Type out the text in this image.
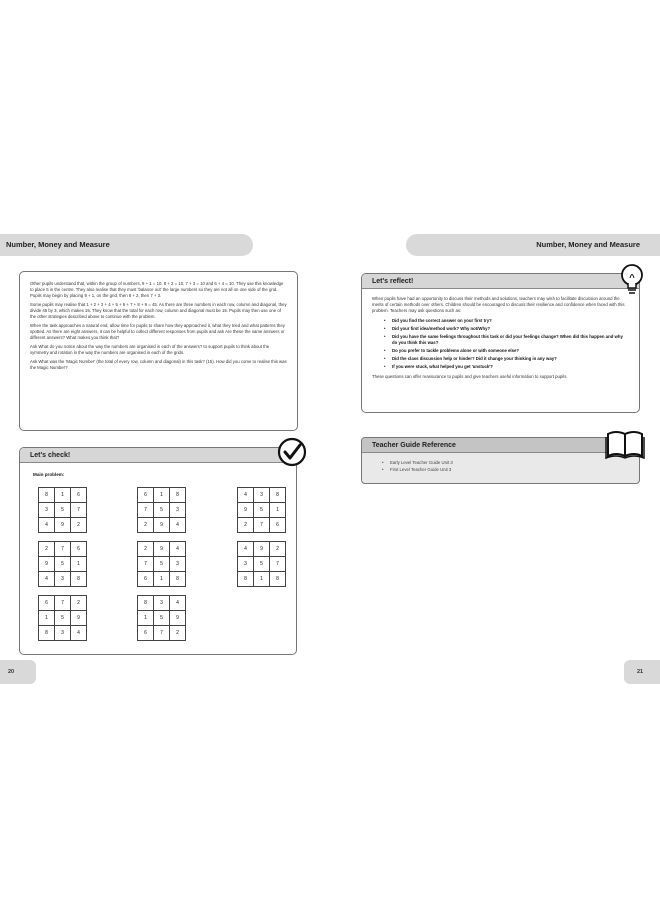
Number, Money and Measure

Other pupils understand that, within the group of numbers, 9 + 1 = 10, 8 + 2 = 10, 7 + 3 = 10 and 6 + 4 = 10. They use this knowledge to place 5 in the centre. They also realise that they must 'balance out' the large numbers so they are not all on one side of the grid. Pupils may begin by placing 9 + 1, on the grid, then 8 + 2, then 7 + 3.

Some pupils may realise that 1 + 2 + 3 + 4 + 5 + 6 + 7 + 8 + 9 = 45. As there are three numbers in each row, column and diagonal, they divide 45 by 3, which makes 15. They know that the total for each row, column and diagonal must be 15. Pupils may then use one of the other strategies described above to continue with the problem.

When the task approaches a natural end, allow time for pupils to share how they approached it, what they tried and what patterns they spotted. As there are eight answers, it can be helpful to collect different responses from pupils and ask Are these the same answers or different answers? What makes you think that?

Ask What do you notice about the way the numbers are organised in each of the answers? to support pupils to think about the symmetry and rotation in the way the numbers are organised in each of the grids.

Ask What was the 'Magic Number' (the total of every row, column and diagonal) in this task? (15). How did you come to realise this was the Magic Number?

Let's check!
Main problem:
8	1	6
3	5	7
4	9	2
6	1	8
7	5	3
2	9	4
4	3	8
9	5	1
2	7	6
2	7	6
9	5	1
4	3	8
2	9	4
7	5	3
6	1	8
4	9	2
3	5	7
8	1	8
6	7	2
1	5	9
8	3	4
8	3	4
1	5	9
6	7	2
20
Number, Money and Measure
Let's reflect!

When pupils have had an opportunity to discuss their methods and solutions, teachers may wish to facilitate discussion around the merits of certain methods over others. Children should be encouraged to discuss their resilience and confidence when faced with this problem. Teachers may ask questions such as:

• Did you find the correct answer on your first try?
• Did your first idea/method work? Why not/Why?
• Did you have the same feelings throughout this task or did your feelings change? When did this happen and why do you think this was?
• Do you prefer to tackle problems alone or with someone else?
• Did the class discussion help or hinder? Did it change your thinking in any way?
• If you were stuck, what helped you get 'unstuck'?

These questions can offer reassurance to pupils and give teachers useful information to support pupils.

Teacher Guide Reference
• Early Level Teacher Guide Unit 3
• First Level Teacher Guide Unit 3
21
